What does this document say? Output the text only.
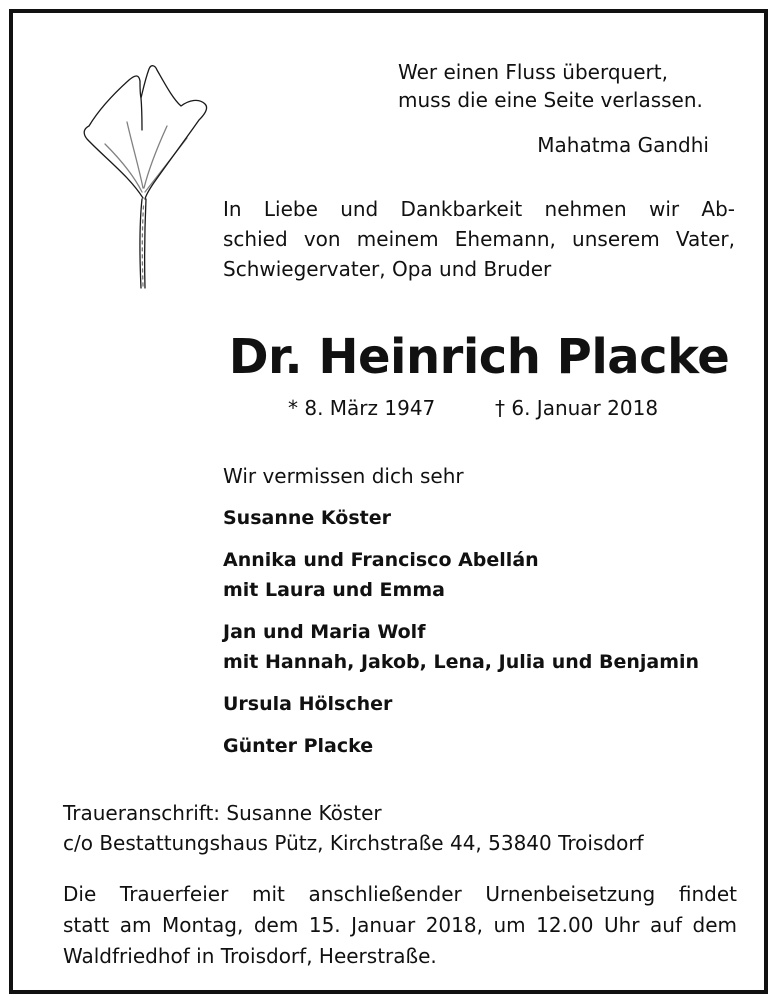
Wer einen Fluss überquert,
muss die eine Seite verlassen.
Mahatma Gandhi
In Liebe und Dankbarkeit nehmen wir Ab-
schied von meinem Ehemann, unserem Vater,
Schwiegervater, Opa und Bruder
Dr. Heinrich Placke
* 8. März 1947	† 6. Januar 2018
Wir vermissen dich sehr
Susanne Köster
Annika und Francisco Abellán
mit Laura und Emma
Jan und Maria Wolf
mit Hannah, Jakob, Lena, Julia und Benjamin
Ursula Hölscher
Günter Placke
Traueranschrift: Susanne Köster
c/o Bestattungshaus Pütz, Kirchstraße 44, 53840 Troisdorf
Die Trauerfeier mit anschließender Urnenbeisetzung findet
statt am Montag, dem 15. Januar 2018, um 12.00 Uhr auf dem
Waldfriedhof in Troisdorf, Heerstraße.
